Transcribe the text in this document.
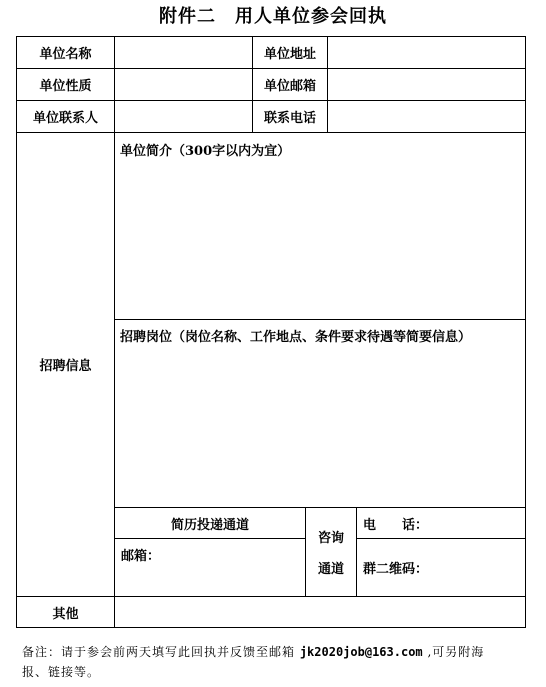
附件二　用人单位参会回执
单位名称	单位地址
单位性质	单位邮箱
单位联系人	联系电话
招聘信息
单位简介（300字以内为宜）
招聘岗位（岗位名称、工作地点、条件要求待遇等简要信息）
简历投递通道
邮箱：
咨询
通道
电　　话：
群二维码：
其他
备注：请于参会前两天填写此回执并反馈至邮箱 jk2020job@163.com ,可另附海报、链接等。
